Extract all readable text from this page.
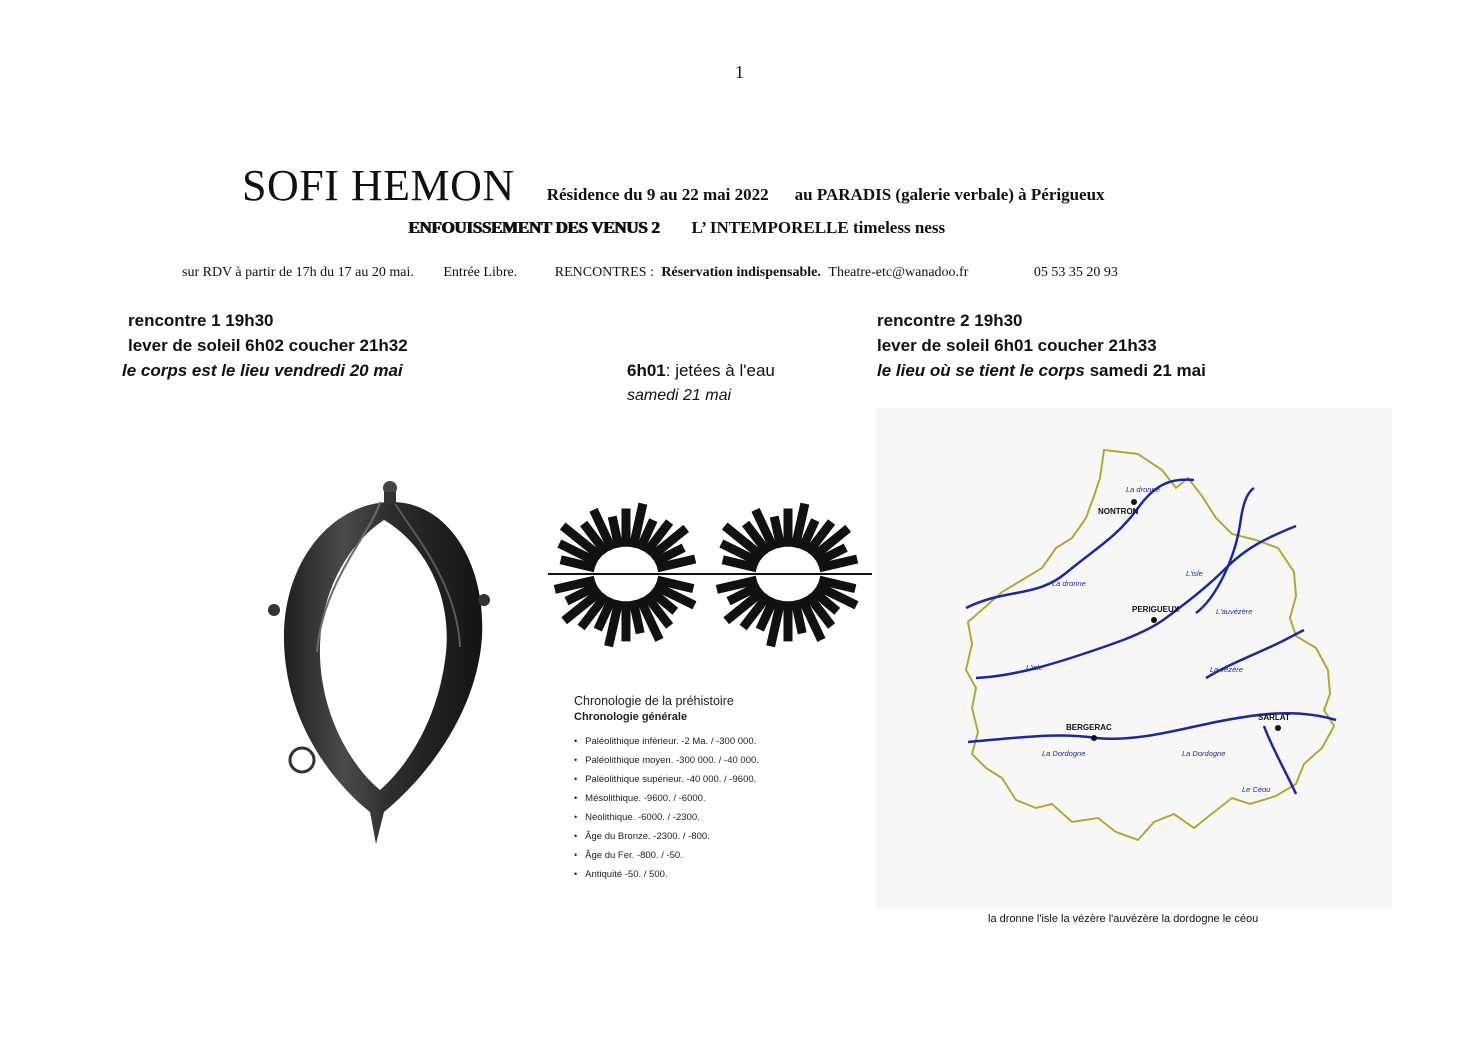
1
SOFI HEMON Résidence du 9 au 22 mai 2022 au PARADIS (galerie verbale) à Périgueux
ENFOUISSEMENT DES VENUS 2 L’ INTEMPORELLE timeless ness
sur RDV à partir de 17h du 17 au 20 mai. Entrée Libre.	RENCONTRES : Réservation indispensable. Theatre-etc@wanadoo.fr	05 53 35 20 93
rencontre 1 19h30
lever de soleil 6h02 coucher 21h32
le corps est le lieu vendredi 20 mai	6h01: jetées à l'eau
samedi 21 mai
rencontre 2 19h30
lever de soleil 6h01 coucher 21h33
le lieu où se tient le corps samedi 21 mai
Chronologie de la préhistoire
Chronologie générale
• Paléolithique inférieur. -2 Ma. / -300 000.
• Paléolithique moyen. -300 000. / -40 000.
• Paléolithique supérieur. -40 000. / -9600.
• Mésolithique. -9600. / -6000.
• Néolithique. -6000. / -2300.
• Âge du Bronze. -2300. / -800.
• Âge du Fer. -800. / -50.
• Antiquité -50. / 500.
NONTRON
PERIGUEUX
BERGERAC
SARLAT
La dronne
La dronne
L'isle
L'isle
L'auvézère
La vézère
La Dordogne	La Dordogne
Le Céou
la dronne l'isle la vézère l'auvézère la dordogne le céou
